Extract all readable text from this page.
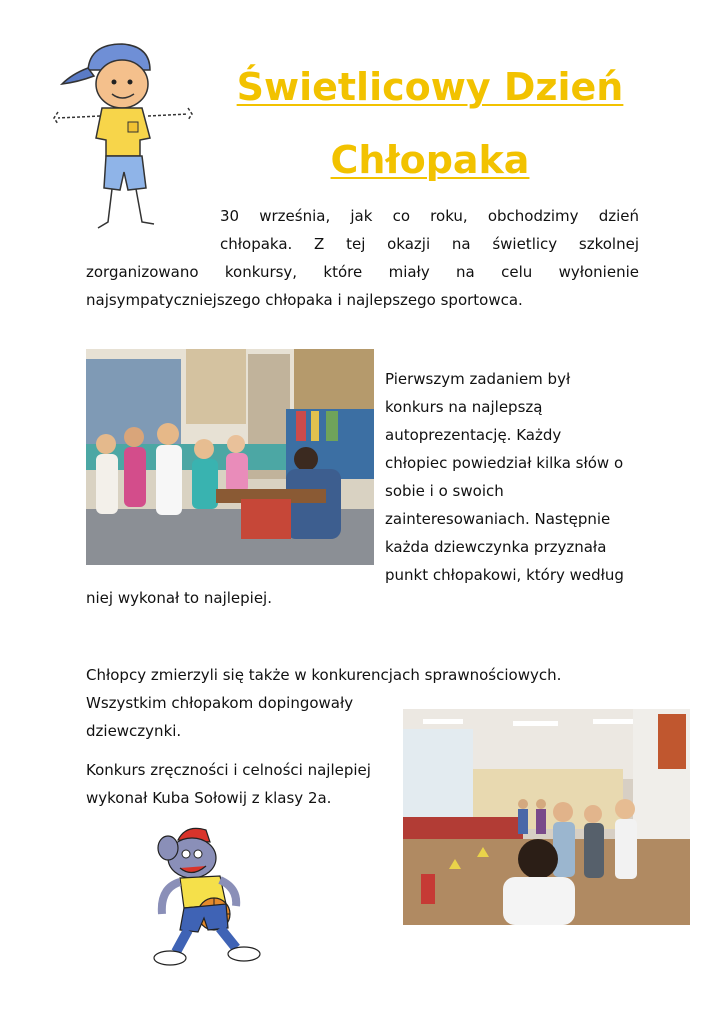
Świetlicowy Dzień
Chłopaka
30 września, jak co roku, obchodzimy dzień
chłopaka. Z tej okazji na świetlicy szkolnej
zorganizowano konkursy, które miały na celu wyłonienie
najsympatyczniejszego chłopaka i najlepszego sportowca.
Pierwszym zadaniem był
konkurs na najlepszą
autoprezentację. Każdy
chłopiec powiedział kilka słów o
sobie i o swoich
zainteresowaniach. Następnie
każda dziewczynka przyznała
punkt chłopakowi, który według
niej wykonał to najlepiej.
Chłopcy zmierzyli się także w konkurencjach sprawnościowych.
Wszystkim chłopakom dopingowały
dziewczynki.
Konkurs zręczności i celności najlepiej
wykonał Kuba Sołowij z klasy 2a.
